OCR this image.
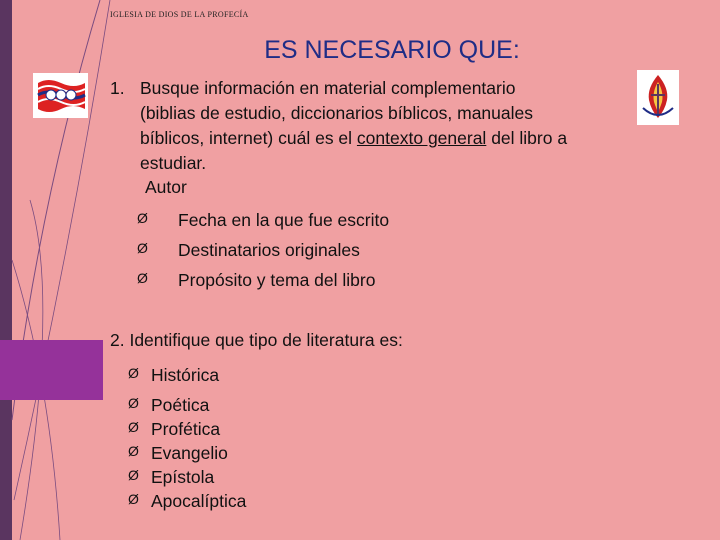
IGLESIA DE DIOS DE LA PROFECÍA
ES NECESARIO QUE:
1. Busque información en material complementario
(biblias de estudio, diccionarios bíblicos, manuales
bíblicos, internet) cuál es el contexto general del libro a
estudiar.
Autor
Ø Fecha en la que fue escrito
Ø Destinatarios originales
Ø Propósito y tema del libro
2. Identifique que tipo de literatura es:
Ø Histórica
Ø Poética
Ø Profética
Ø Evangelio
Ø Epístola
Ø Apocalíptica
